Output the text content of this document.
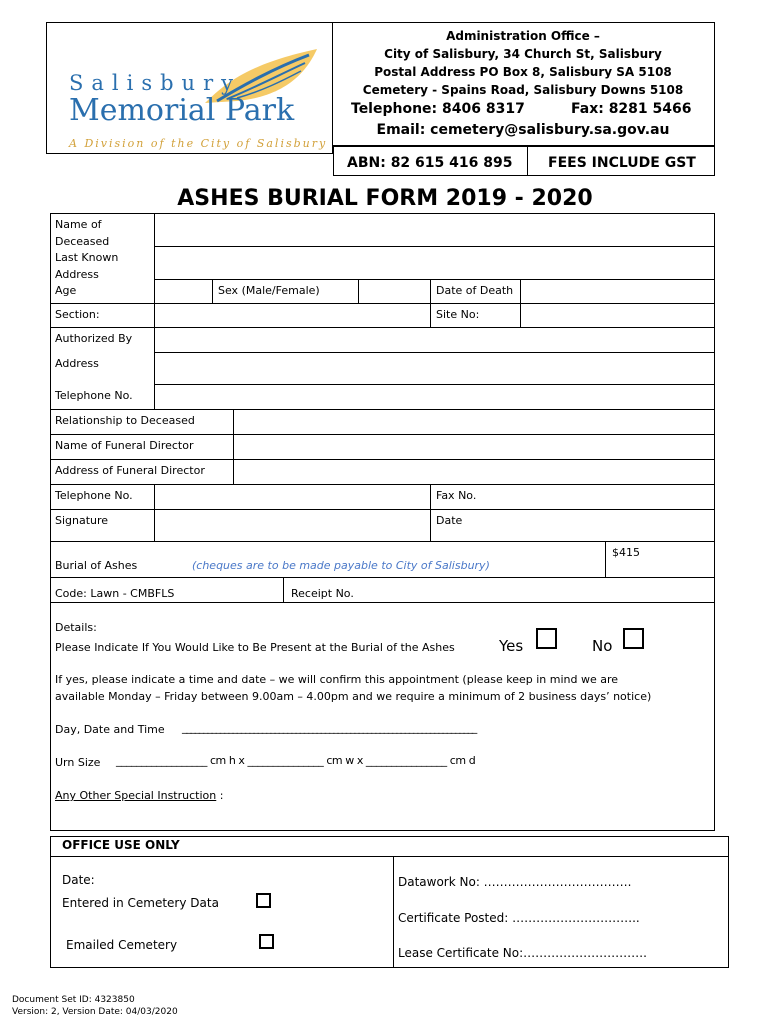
Salisbury
Memorial Park
A Division of the City of Salisbury
Administration Office –
City of Salisbury, 34 Church St, Salisbury
Postal Address PO Box 8, Salisbury SA 5108
Cemetery - Spains Road, Salisbury Downs 5108
Telephone: 8406 8317	Fax: 8281 5466
Email: cemetery@salisbury.sa.gov.au
ABN: 82 615 416 895	FEES INCLUDE GST
ASHES BURIAL FORM 2019 - 2020
Name of Deceased
Last Known Address
Age	Sex (Male/Female)	Date of Death
Section:	Site No:
Authorized By
Address
Telephone No.
Relationship to Deceased
Name of Funeral Director
Address of Funeral Director
Telephone No.	Fax No.
Signature	Date
Burial of Ashes	(cheques are to be made payable to City of Salisbury)
$415
Code: Lawn - CMBFLS	Receipt No.
Details:
Please Indicate If You Would Like to Be Present at the Burial of the Ashes	Yes	No
If yes, please indicate a time and date – we will confirm this appointment (please keep in mind we are
available Monday – Friday between 9.00am – 4.00pm and we require a minimum of 2 business days’ notice)
Day, Date and Time ______________________________________________________________________
Urn Size __________________ cm h x _______________ cm w x ________________ cm d
Any Other Special Instruction :
OFFICE USE ONLY
Date:
Entered in Cemetery Data
Emailed Cemetery
Datawork No: ……………………………….
Certificate Posted: …………………………..
Lease Certificate No:………………………….
Document Set ID: 4323850
Version: 2, Version Date: 04/03/2020
